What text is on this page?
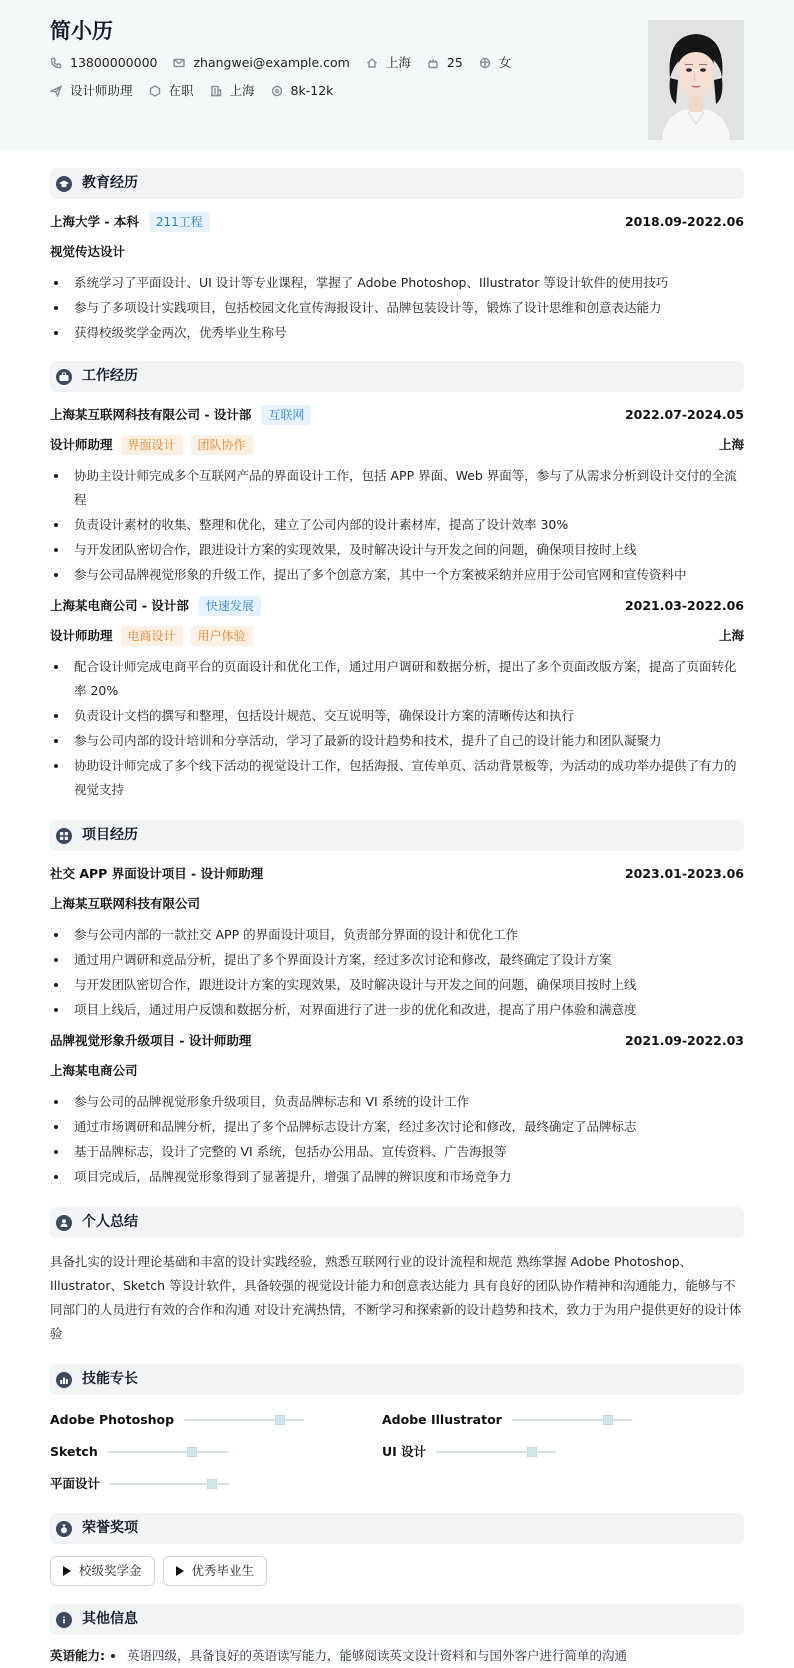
简小历
13800000000	zhangwei@example.com	上海	25	女
设计师助理	在职	上海	8k-12k
教育经历
上海大学 - 本科	211工程	2018.09-2022.06
视觉传达设计
系统学习了平面设计、UI 设计等专业课程，掌握了 Adobe Photoshop、Illustrator 等设计软件的使用技巧
参与了多项设计实践项目，包括校园文化宣传海报设计、品牌包装设计等，锻炼了设计思维和创意表达能力
获得校级奖学金两次，优秀毕业生称号
工作经历
上海某互联网科技有限公司 - 设计部	互联网	2022.07-2024.05
设计师助理	界面设计	团队协作	上海
协助主设计师完成多个互联网产品的界面设计工作，包括 APP 界面、Web 界面等，参与了从需求分析到设计交付的全流程
负责设计素材的收集、整理和优化，建立了公司内部的设计素材库，提高了设计效率 30%
与开发团队密切合作，跟进设计方案的实现效果，及时解决设计与开发之间的问题，确保项目按时上线
参与公司品牌视觉形象的升级工作，提出了多个创意方案，其中一个方案被采纳并应用于公司官网和宣传资料中
上海某电商公司 - 设计部	快速发展	2021.03-2022.06
设计师助理	电商设计	用户体验	上海
配合设计师完成电商平台的页面设计和优化工作，通过用户调研和数据分析，提出了多个页面改版方案，提高了页面转化率 20%
负责设计文档的撰写和整理，包括设计规范、交互说明等，确保设计方案的清晰传达和执行
参与公司内部的设计培训和分享活动，学习了最新的设计趋势和技术，提升了自己的设计能力和团队凝聚力
协助设计师完成了多个线下活动的视觉设计工作，包括海报、宣传单页、活动背景板等，为活动的成功举办提供了有力的视觉支持
项目经历
社交 APP 界面设计项目 - 设计师助理	2023.01-2023.06
上海某互联网科技有限公司
参与公司内部的一款社交 APP 的界面设计项目，负责部分界面的设计和优化工作
通过用户调研和竞品分析，提出了多个界面设计方案，经过多次讨论和修改，最终确定了设计方案
与开发团队密切合作，跟进设计方案的实现效果，及时解决设计与开发之间的问题，确保项目按时上线
项目上线后，通过用户反馈和数据分析，对界面进行了进一步的优化和改进，提高了用户体验和满意度
品牌视觉形象升级项目 - 设计师助理	2021.09-2022.03
上海某电商公司
参与公司的品牌视觉形象升级项目，负责品牌标志和 VI 系统的设计工作
通过市场调研和品牌分析，提出了多个品牌标志设计方案，经过多次讨论和修改，最终确定了品牌标志
基于品牌标志，设计了完整的 VI 系统，包括办公用品、宣传资料、广告海报等
项目完成后，品牌视觉形象得到了显著提升，增强了品牌的辨识度和市场竞争力
个人总结

具备扎实的设计理论基础和丰富的设计实践经验，熟悉互联网行业的设计流程和规范 熟练掌握 Adobe Photoshop、Illustrator、Sketch 等设计软件，具备较强的视觉设计能力和创意表达能力 具有良好的团队协作精神和沟通能力，能够与不同部门的人员进行有效的合作和沟通 对设计充满热情，不断学习和探索新的设计趋势和技术，致力于为用户提供更好的设计体验

技能专长
Adobe Photoshop	Adobe Illustrator
Sketch	UI 设计
平面设计
荣誉奖项
校级奖学金	优秀毕业生
其他信息
英语能力: 英语四级，具备良好的英语读写能力，能够阅读英文设计资料和与国外客户进行简单的沟通
